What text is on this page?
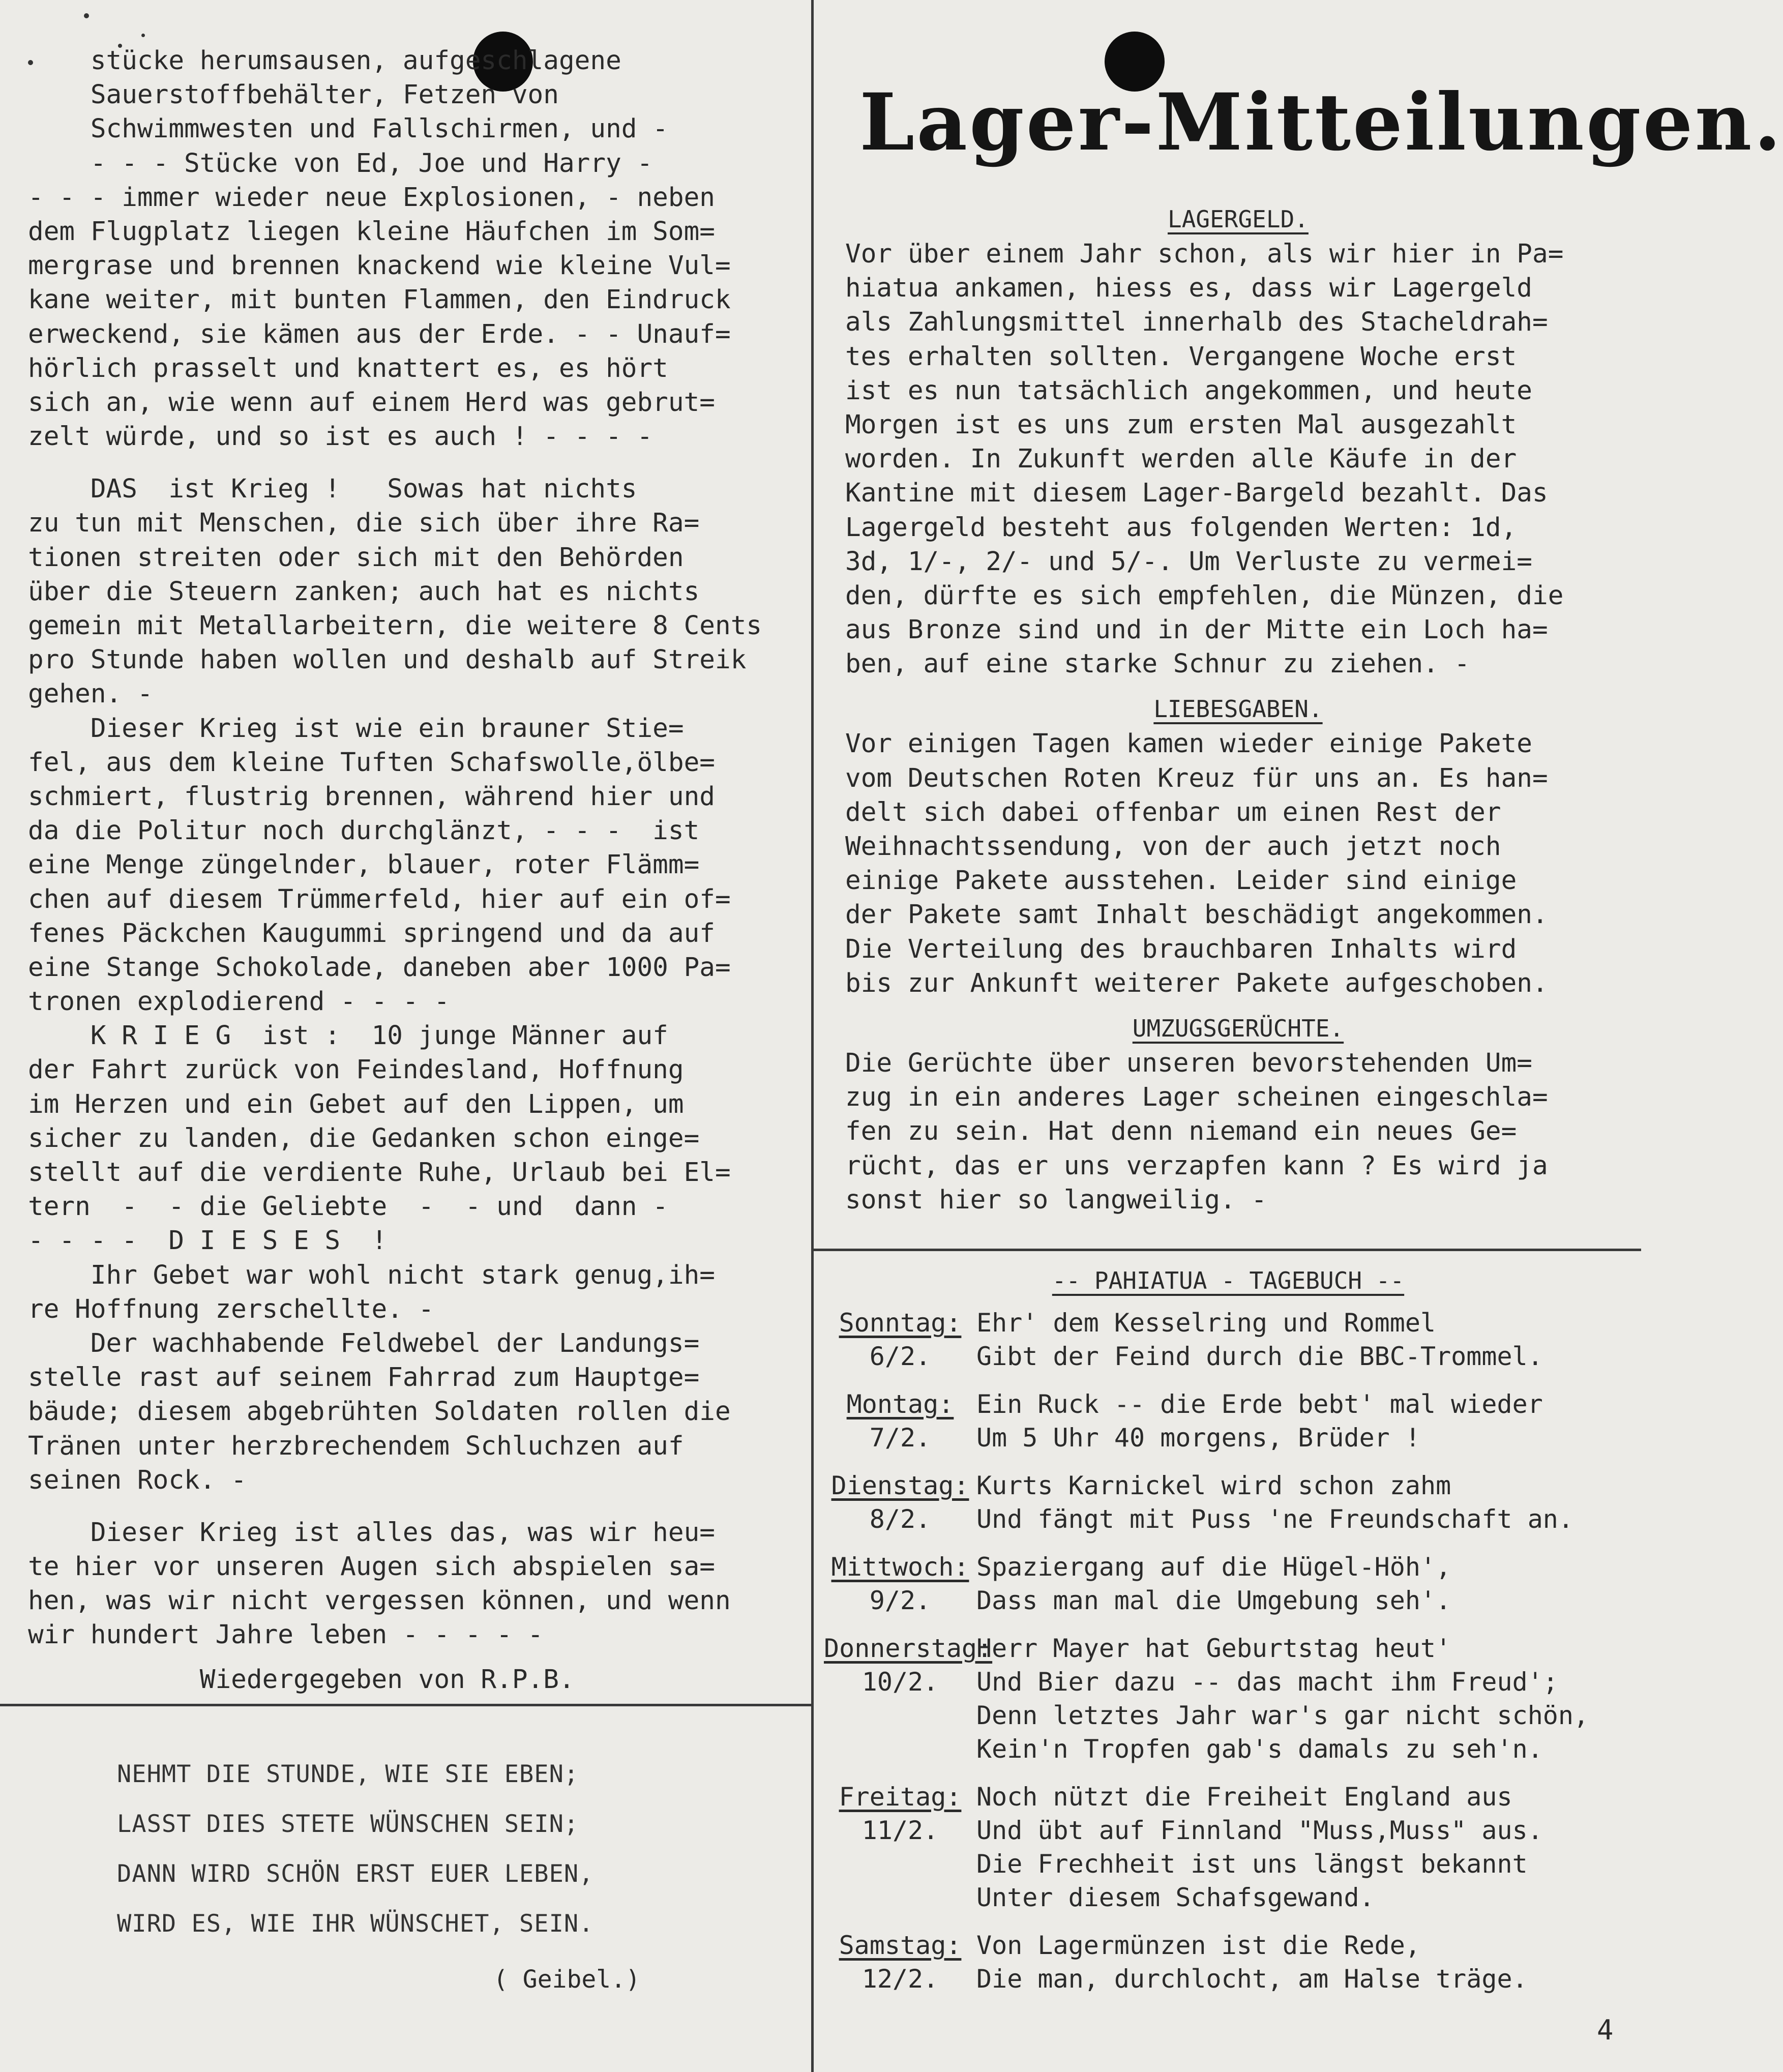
stücke herumsausen, aufgeschlagene
Sauerstoffbehälter, Fetzen von
Schwimmwesten und Fallschirmen, und -
- - - Stücke von Ed, Joe und Harry -
- - - immer wieder neue Explosionen, - neben
dem Flugplatz liegen kleine Häufchen im Som=
mergrase und brennen knackend wie kleine Vul=
kane weiter, mit bunten Flammen, den Eindruck
erweckend, sie kämen aus der Erde. - - Unauf=
hörlich prasselt und knattert es, es hört
sich an, wie wenn auf einem Herd was gebrut=
zelt würde, und so ist es auch ! - - - -
DAS  ist Krieg !   Sowas hat nichts
zu tun mit Menschen, die sich über ihre Ra=
tionen streiten oder sich mit den Behörden
über die Steuern zanken; auch hat es nichts
gemein mit Metallarbeitern, die weitere 8 Cents
pro Stunde haben wollen und deshalb auf Streik
gehen. -
Dieser Krieg ist wie ein brauner Stie=
fel, aus dem kleine Tuften Schafswolle,ölbe=
schmiert, flustrig brennen, während hier und
da die Politur noch durchglänzt, - - -  ist
eine Menge züngelnder, blauer, roter Flämm=
chen auf diesem Trümmerfeld, hier auf ein of=
fenes Päckchen Kaugummi springend und da auf
eine Stange Schokolade, daneben aber 1000 Pa=
tronen explodierend - - - -
K R I E G  ist :  10 junge Männer auf
der Fahrt zurück von Feindesland, Hoffnung
im Herzen und ein Gebet auf den Lippen, um
sicher zu landen, die Gedanken schon einge=
stellt auf die verdiente Ruhe, Urlaub bei El=
tern  -  - die Geliebte  -  - und  dann -
- - - -  D I E S E S  !
Ihr Gebet war wohl nicht stark genug,ih=
re Hoffnung zerschellte. -
Der wachhabende Feldwebel der Landungs=
stelle rast auf seinem Fahrrad zum Hauptge=
bäude; diesem abgebrühten Soldaten rollen die
Tränen unter herzbrechendem Schluchzen auf
seinen Rock. -
Dieser Krieg ist alles das, was wir heu=
te hier vor unseren Augen sich abspielen sa=
hen, was wir nicht vergessen können, und wenn
wir hundert Jahre leben - - - - -
Wiedergegeben von R.P.B.
NEHMT DIE STUNDE, WIE SIE EBEN;
LASST DIES STETE WÜNSCHEN SEIN;
DANN WIRD SCHÖN ERST EUER LEBEN,
WIRD ES, WIE IHR WÜNSCHET, SEIN.
( Geibel.)
Lager-Mitteilungen.
LAGERGELD.
Vor über einem Jahr schon, als wir hier in Pa=
hiatua ankamen, hiess es, dass wir Lagergeld
als Zahlungsmittel innerhalb des Stacheldrah=
tes erhalten sollten. Vergangene Woche erst
ist es nun tatsächlich angekommen, und heute
Morgen ist es uns zum ersten Mal ausgezahlt
worden. In Zukunft werden alle Käufe in der
Kantine mit diesem Lager-Bargeld bezahlt. Das
Lagergeld besteht aus folgenden Werten: 1d,
3d, 1/-, 2/- und 5/-. Um Verluste zu vermei=
den, dürfte es sich empfehlen, die Münzen, die
aus Bronze sind und in der Mitte ein Loch ha=
ben, auf eine starke Schnur zu ziehen. -
LIEBESGABEN.
Vor einigen Tagen kamen wieder einige Pakete
vom Deutschen Roten Kreuz für uns an. Es han=
delt sich dabei offenbar um einen Rest der
Weihnachtssendung, von der auch jetzt noch
einige Pakete ausstehen. Leider sind einige
der Pakete samt Inhalt beschädigt angekommen.
Die Verteilung des brauchbaren Inhalts wird
bis zur Ankunft weiterer Pakete aufgeschoben.
UMZUGSGERÜCHTE.
Die Gerüchte über unseren bevorstehenden Um=
zug in ein anderes Lager scheinen eingeschla=
fen zu sein. Hat denn niemand ein neues Ge=
rücht, das er uns verzapfen kann ? Es wird ja
sonst hier so langweilig. -
-- PAHIATUA - TAGEBUCH --
Sonntag:
6/2.
Ehr' dem Kesselring und Rommel
Gibt der Feind durch die BBC-Trommel.
Montag:
7/2.
Ein Ruck -- die Erde bebt' mal wieder
Um 5 Uhr 40 morgens, Brüder !
Dienstag:
8/2.
Kurts Karnickel wird schon zahm
Und fängt mit Puss 'ne Freundschaft an.
Mittwoch:
9/2.
Spaziergang auf die Hügel-Höh',
Dass man mal die Umgebung seh'.
Donnerstag:
10/2.
Herr Mayer hat Geburtstag heut'
Und Bier dazu -- das macht ihm Freud';
Denn letztes Jahr war's gar nicht schön,
Kein'n Tropfen gab's damals zu seh'n.
Freitag:
11/2.
Noch nützt die Freiheit England aus
Und übt auf Finnland "Muss,Muss" aus.
Die Frechheit ist uns längst bekannt
Unter diesem Schafsgewand.
Samstag:
12/2.
Von Lagermünzen ist die Rede,
Die man, durchlocht, am Halse träge.
4
